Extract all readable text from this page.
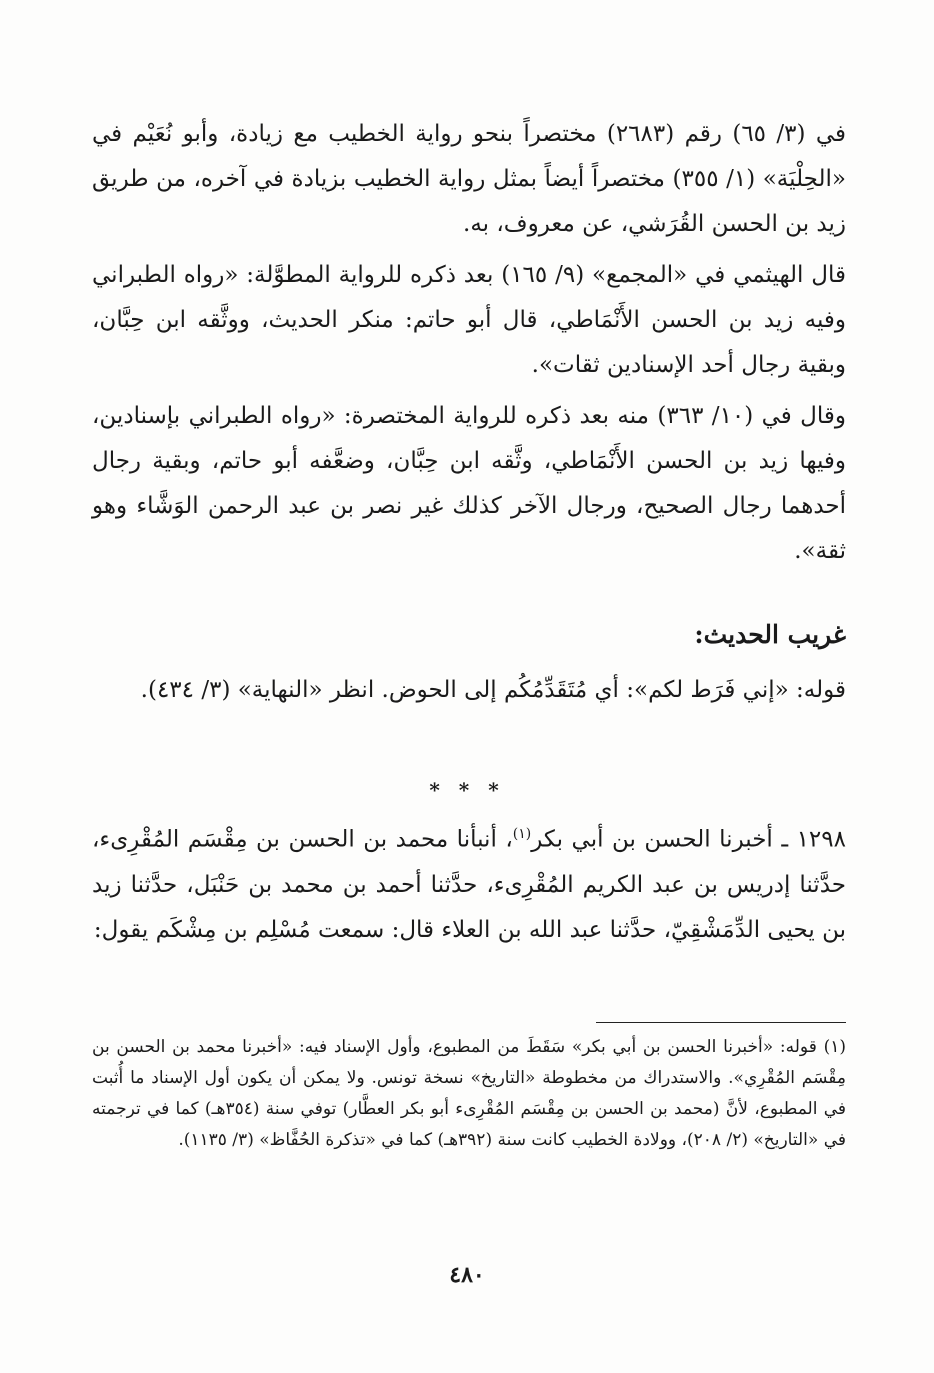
في (٣/ ٦٥) رقم (٢٦٨٣) مختصراً بنحو رواية الخطيب مع زيادة، وأبو نُعَيْم في «الحِلْيَة» (١/ ٣٥٥) مختصراً أيضاً بمثل رواية الخطيب بزيادة في آخره، من طريق زيد بن الحسن القُرَشي، عن معروف، به.

قال الهيثمي في «المجمع» (٩/ ١٦٥) بعد ذكره للرواية المطوَّلة: «رواه الطبراني وفيه زيد بن الحسن الأَنْمَاطي، قال أبو حاتم: منكر الحديث، ووثَّقه ابن حِبَّان، وبقية رجال أحد الإسنادين ثقات».

وقال في (١٠/ ٣٦٣) منه بعد ذكره للرواية المختصرة: «رواه الطبراني بإسنادين، وفيها زيد بن الحسن الأَنْمَاطي، وثَّقه ابن حِبَّان، وضعَّفه أبو حاتم، وبقية رجال أحدهما رجال الصحيح، ورجال الآخر كذلك غير نصر بن عبد الرحمن الوَشَّاء وهو ثقة».

غريب الحديث:

قوله: «إني فَرَط لكم»: أي مُتَقَدِّمُكُم إلى الحوض. انظر «النهاية» (٣/ ٤٣٤).

* * *

١٢٩٨ ـ أخبرنا الحسن بن أبي بكر$^{(١)}$، أنبأنا محمد بن الحسن بن مِقْسَم المُقْرِىء، حدَّثنا إدريس بن عبد الكريم المُقْرِىء، حدَّثنا أحمد بن محمد بن حَنْبَل، حدَّثنا زيد بن يحيى الدِّمَشْقِيّ، حدَّثنا عبد الله بن العلاء قال: سمعت مُسْلِم بن مِشْكَم يقول:

(١) قوله: «أخبرنا الحسن بن أبي بكر» سَقَطَ من المطبوع، وأول الإسناد فيه: «أخبرنا محمد بن الحسن بن مِقْسَم المُقْرِي». والاستدراك من مخطوطة «التاريخ» نسخة تونس. ولا يمكن أن يكون أول الإسناد ما أُثبت في المطبوع، لأنَّ (محمد بن الحسن بن مِقْسَم المُقْرِىء أبو بكر العطَّار) توفي سنة (٣٥٤هـ) كما في ترجمته في «التاريخ» (٢/ ٢٠٨)، وولادة الخطيب كانت سنة (٣٩٢هـ) كما في «تذكرة الحُفَّاظ» (٣/ ١١٣٥).

٤٨٠
